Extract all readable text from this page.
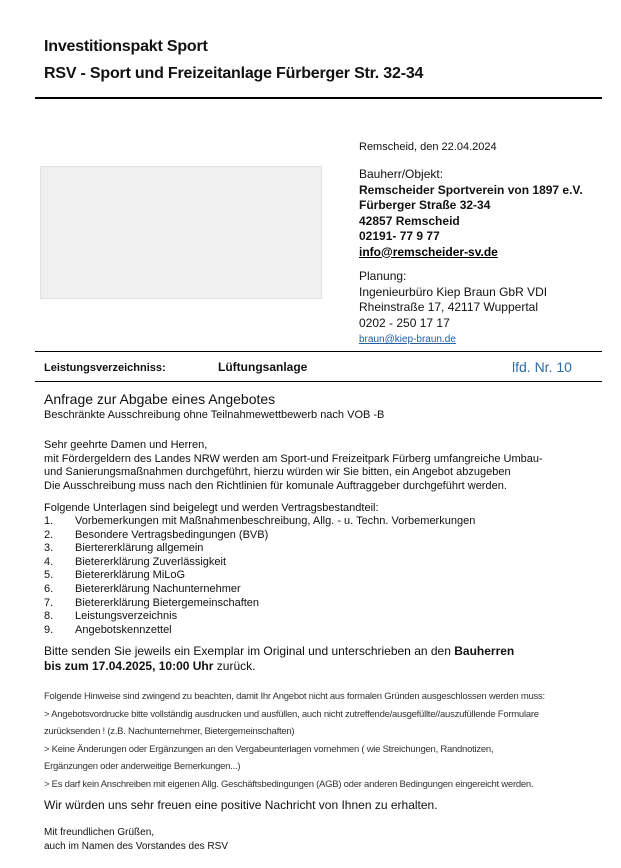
Investitionspakt Sport
RSV - Sport und Freizeitanlage Fürberger Str. 32-34
Remscheid, den 22.04.2024
Bauherr/Objekt:
Remscheider Sportverein von 1897 e.V.
Fürberger Straße 32-34
42857 Remscheid
02191- 77 9 77
info@remscheider-sv.de
Planung:
Ingenieurbüro Kiep Braun GbR VDI
Rheinstraße 17, 42117 Wuppertal
0202 - 250 17 17
braun@kiep-braun.de
Leistungsverzeichniss:	Lüftungsanlage	lfd. Nr. 10
Anfrage zur Abgabe eines Angebotes
Beschränkte Ausschreibung ohne Teilnahmewettbewerb nach VOB -B
Sehr geehrte Damen und Herren,
mit Fördergeldern des Landes NRW werden am Sport-und Freizeitpark Fürberg umfangreiche Umbau-
und Sanierungsmaßnahmen durchgeführt, hierzu würden wir Sie bitten, ein Angebot abzugeben
Die Ausschreibung muss nach den Richtlinien für komunale Auftraggeber durchgeführt werden.
Folgende Unterlagen sind beigelegt und werden Vertragsbestandteil:
1.	Vorbemerkungen mit Maßnahmenbeschreibung, Allg. - u. Techn. Vorbemerkungen
2.	Besondere Vertragsbedingungen (BVB)
3.	Biertererklärung allgemein
4.	Bietererklärung Zuverlässigkeit
5.	Bietererklärung MiLoG
6.	Bietererklärung Nachunternehmer
7.	Bietererklärung Bietergemeinschaften
8.	Leistungsverzeichnis
9.	Angebotskennzettel
Bitte senden Sie jeweils ein Exemplar im Original und unterschrieben an den Bauherren
bis zum 17.04.2025, 10:00 Uhr zurück.
Folgende Hinweise sind zwingend zu beachten, damit Ihr Angebot nicht aus formalen Gründen ausgeschlossen werden muss:
> Angebotsvordrucke bitte vollständig ausdrucken und ausfüllen, auch nicht zutreffende/ausgefüllte//auszufüllende Formulare
zurücksenden ! (z.B. Nachunternehmer, Bietergemeinschaften)
> Keine Änderungen oder Ergänzungen an den Vergabeunterlagen vornehmen ( wie Streichungen, Randnotizen,
Ergänzungen oder anderweitige Bemerkungen...)
> Es darf kein Anschreiben mit eigenen Allg. Geschäftsbedingungen (AGB) oder anderen Bedingungen eingereicht werden.
Wir würden uns sehr freuen eine positive Nachricht von Ihnen zu erhalten.
Mit freundlichen Grüßen,
auch im Namen des Vorstandes des RSV
